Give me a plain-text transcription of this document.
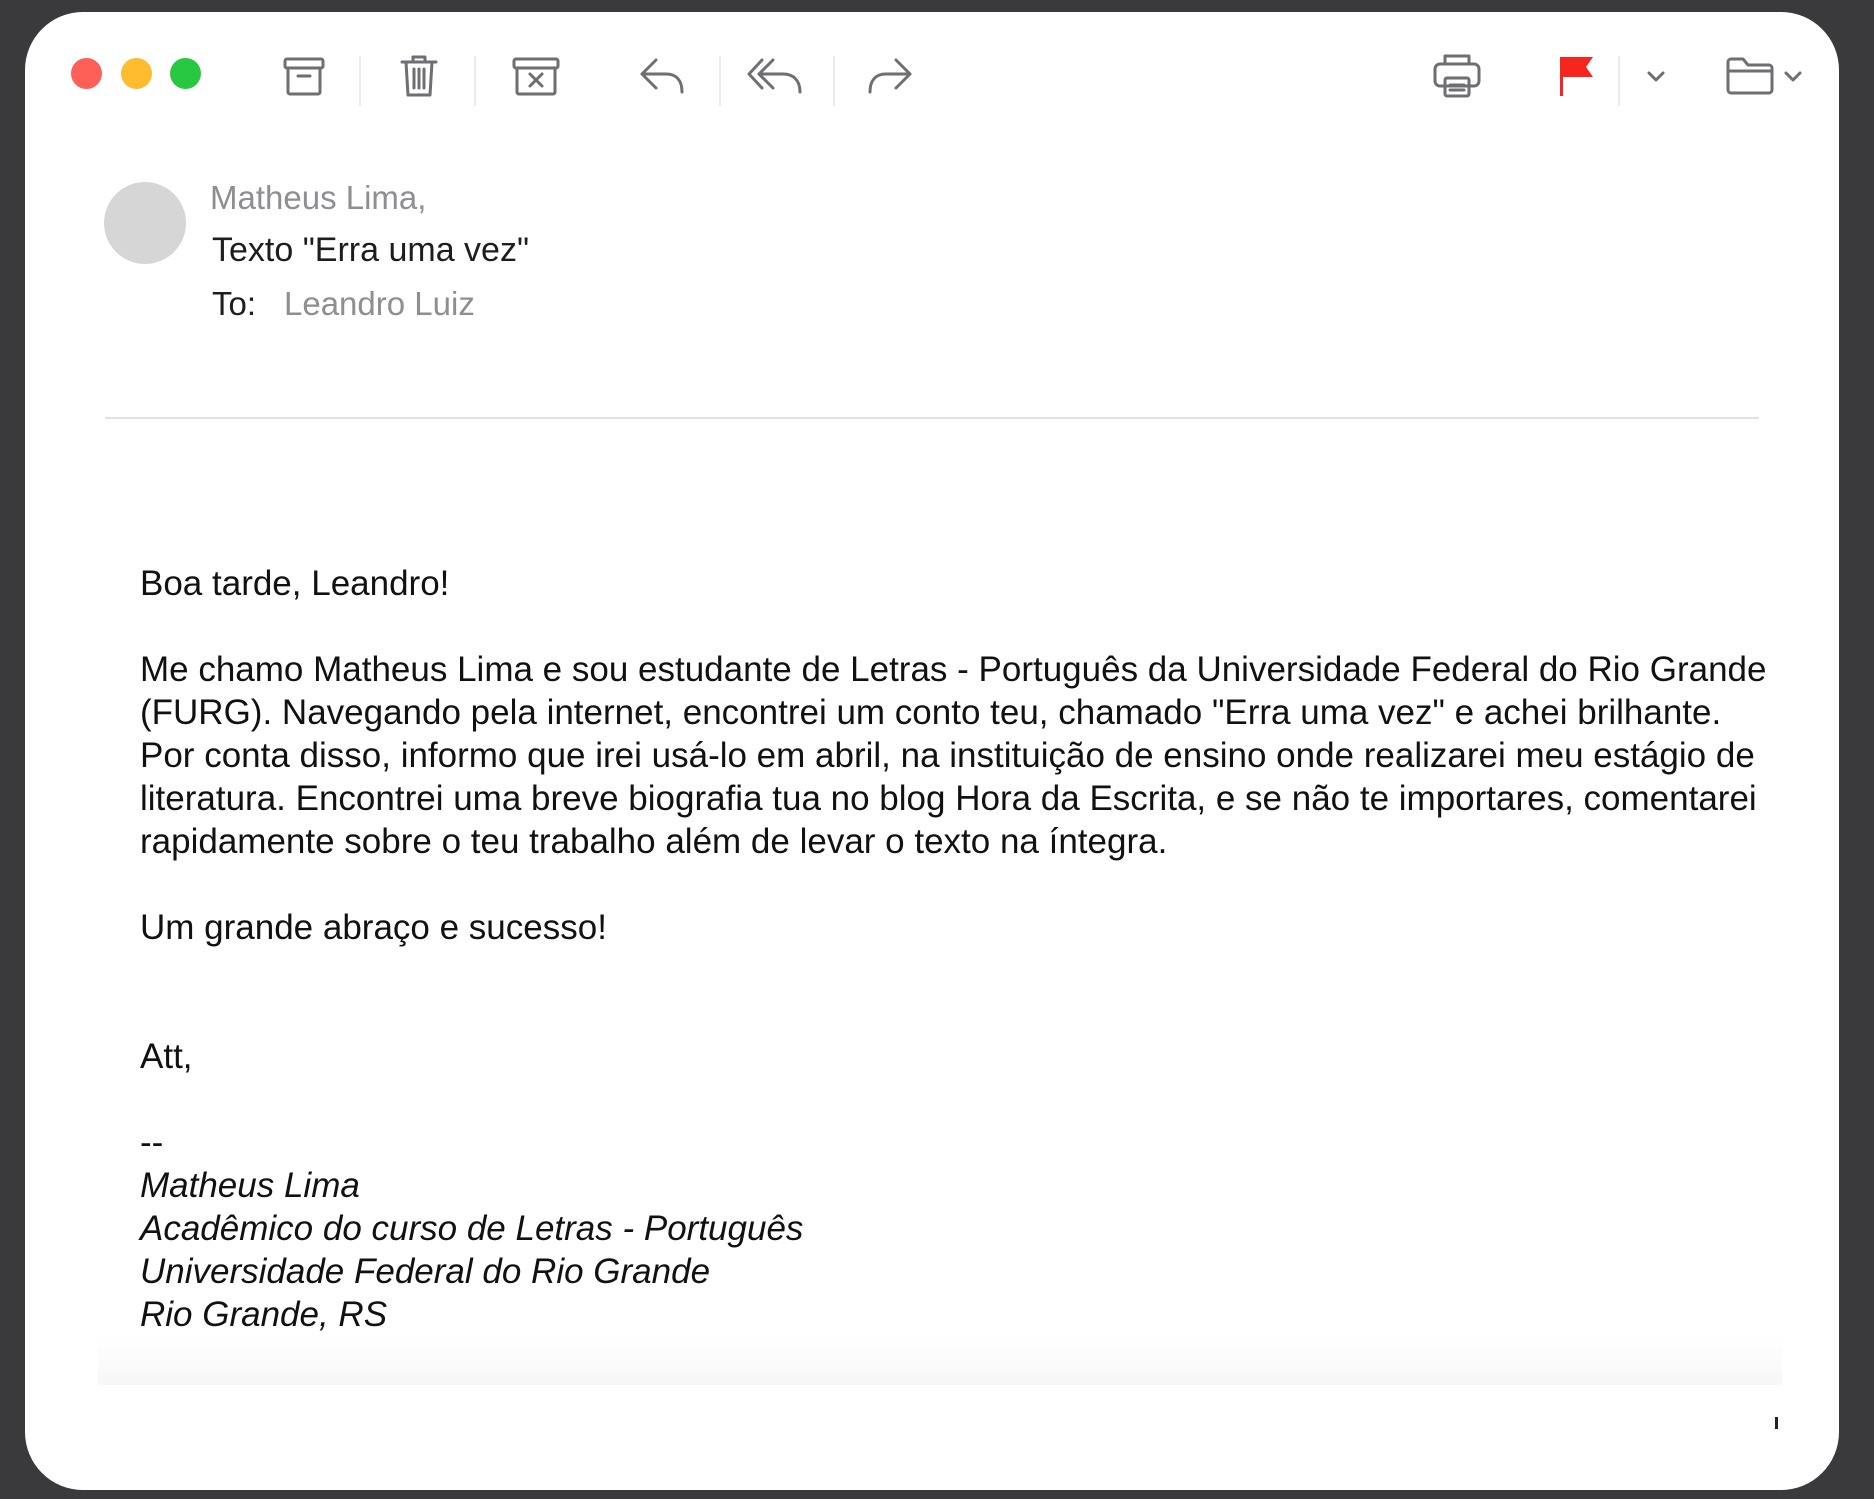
Matheus Lima,
Texto "Erra uma vez"
To: Leandro Luiz

Boa tarde, Leandro!

Me chamo Matheus Lima e sou estudante de Letras - Português da Universidade Federal do Rio Grande (FURG). Navegando pela internet, encontrei um conto teu, chamado "Erra uma vez" e achei brilhante. Por conta disso, informo que irei usá-lo em abril, na instituição de ensino onde realizarei meu estágio de literatura. Encontrei uma breve biografia tua no blog Hora da Escrita, e se não te importares, comentarei rapidamente sobre o teu trabalho além de levar o texto na íntegra.

Um grande abraço e sucesso!

Att,

--

Matheus Lima

Acadêmico do curso de Letras - Português

Universidade Federal do Rio Grande

Rio Grande, RS
